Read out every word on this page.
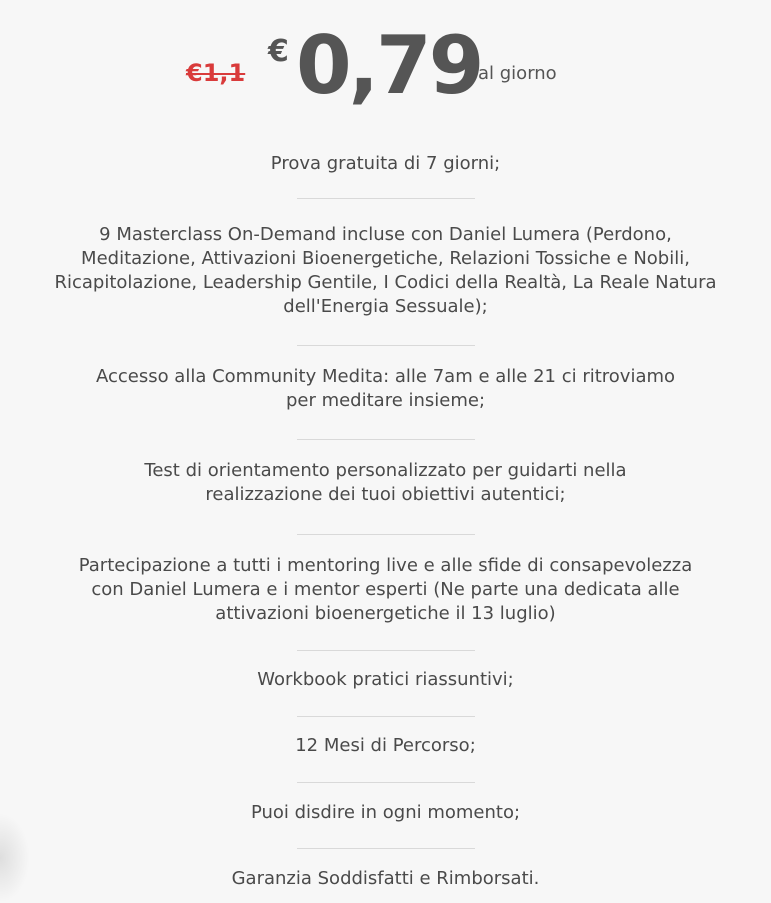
€1,1
€ 0,79
al giorno

Prova gratuita di 7 giorni;

9 Masterclass On-Demand incluse con Daniel Lumera (Perdono, Meditazione, Attivazioni Bioenergetiche, Relazioni Tossiche e Nobili, Ricapitolazione, Leadership Gentile, I Codici della Realtà, La Reale Natura dell'Energia Sessuale);

Accesso alla Community Medita: alle 7am e alle 21 ci ritroviamo per meditare insieme;

Test di orientamento personalizzato per guidarti nella realizzazione dei tuoi obiettivi autentici;

Partecipazione a tutti i mentoring live e alle sfide di consapevolezza con Daniel Lumera e i mentor esperti (Ne parte una dedicata alle attivazioni bioenergetiche il 13 luglio)

Workbook pratici riassuntivi;

12 Mesi di Percorso;

Puoi disdire in ogni momento;

Garanzia Soddisfatti e Rimborsati.
